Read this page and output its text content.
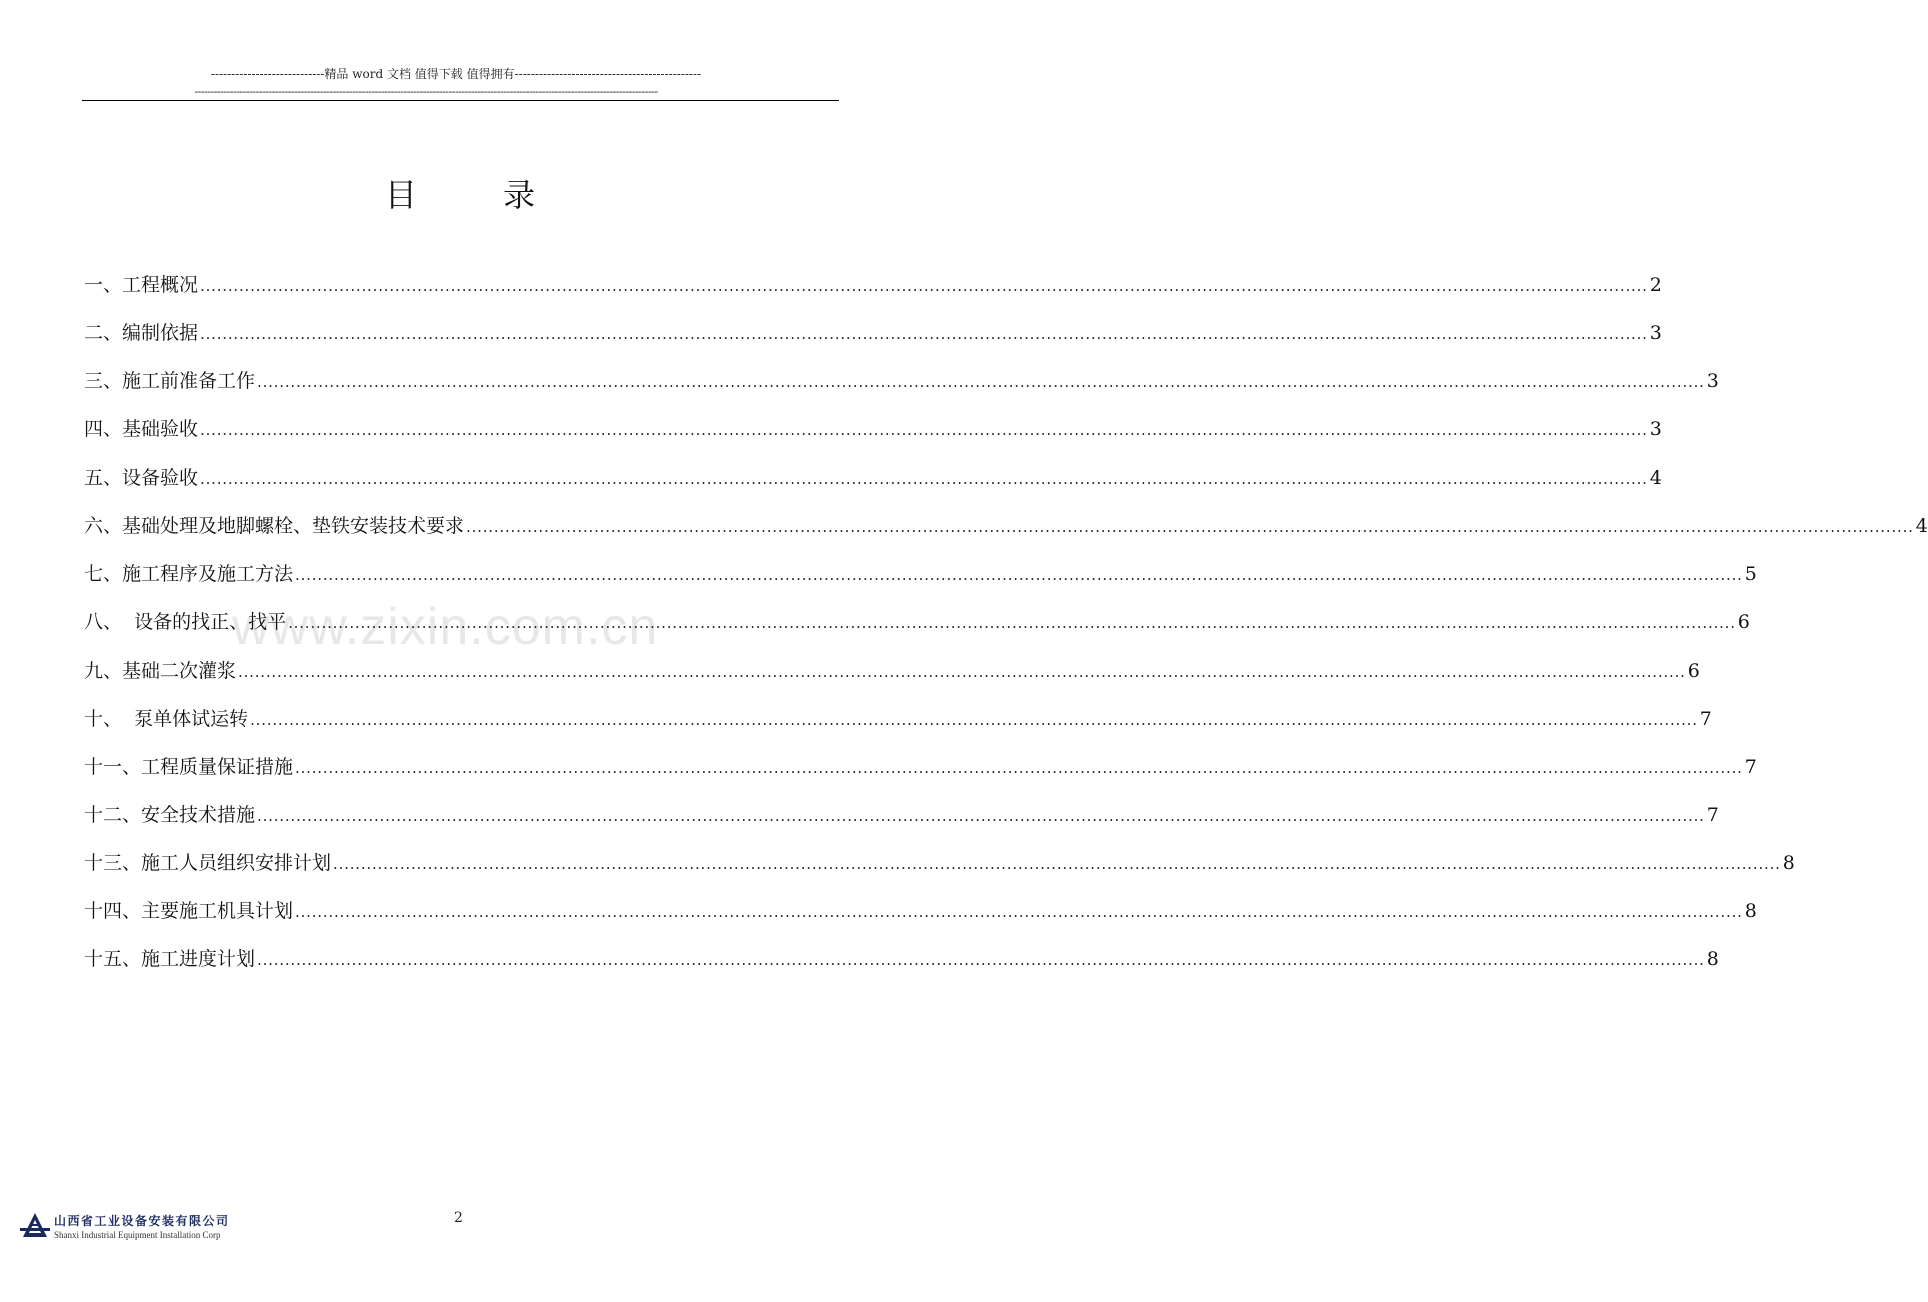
----------------------------精品 word 文档 值得下载 值得拥有----------------------------------------------
------------------------------------------------------------------------------------------------------------------------------------------------
目 录
www.zixin.com.cn
一、工程概况 .................................................................................................................................................................................................................................................................... 2
二、编制依据 .................................................................................................................................................................................................................................................................... 3
三、施工前准备工作 .................................................................................................................................................................................................................................................................... 3
四、基础验收 .................................................................................................................................................................................................................................................................... 3
五、设备验收 .................................................................................................................................................................................................................................................................... 4
六、基础处理及地脚螺栓、垫铁安装技术要求 .................................................................................................................................................................................................................................................................... 4
七、施工程序及施工方法 .................................................................................................................................................................................................................................................................... 5
八、  设备的找正、找平 .................................................................................................................................................................................................................................................................... 6
九、基础二次灌浆 .................................................................................................................................................................................................................................................................... 6
十、  泵单体试运转 .................................................................................................................................................................................................................................................................... 7
十一、工程质量保证措施 .................................................................................................................................................................................................................................................................... 7
十二、安全技术措施 .................................................................................................................................................................................................................................................................... 7
十三、施工人员组织安排计划 .................................................................................................................................................................................................................................................................... 8
十四、主要施工机具计划 .................................................................................................................................................................................................................................................................... 8
十五、施工进度计划 .................................................................................................................................................................................................................................................................... 8
山西省工业设备安装有限公司
Shanxi Industrial Equipment Installation Corp
2
